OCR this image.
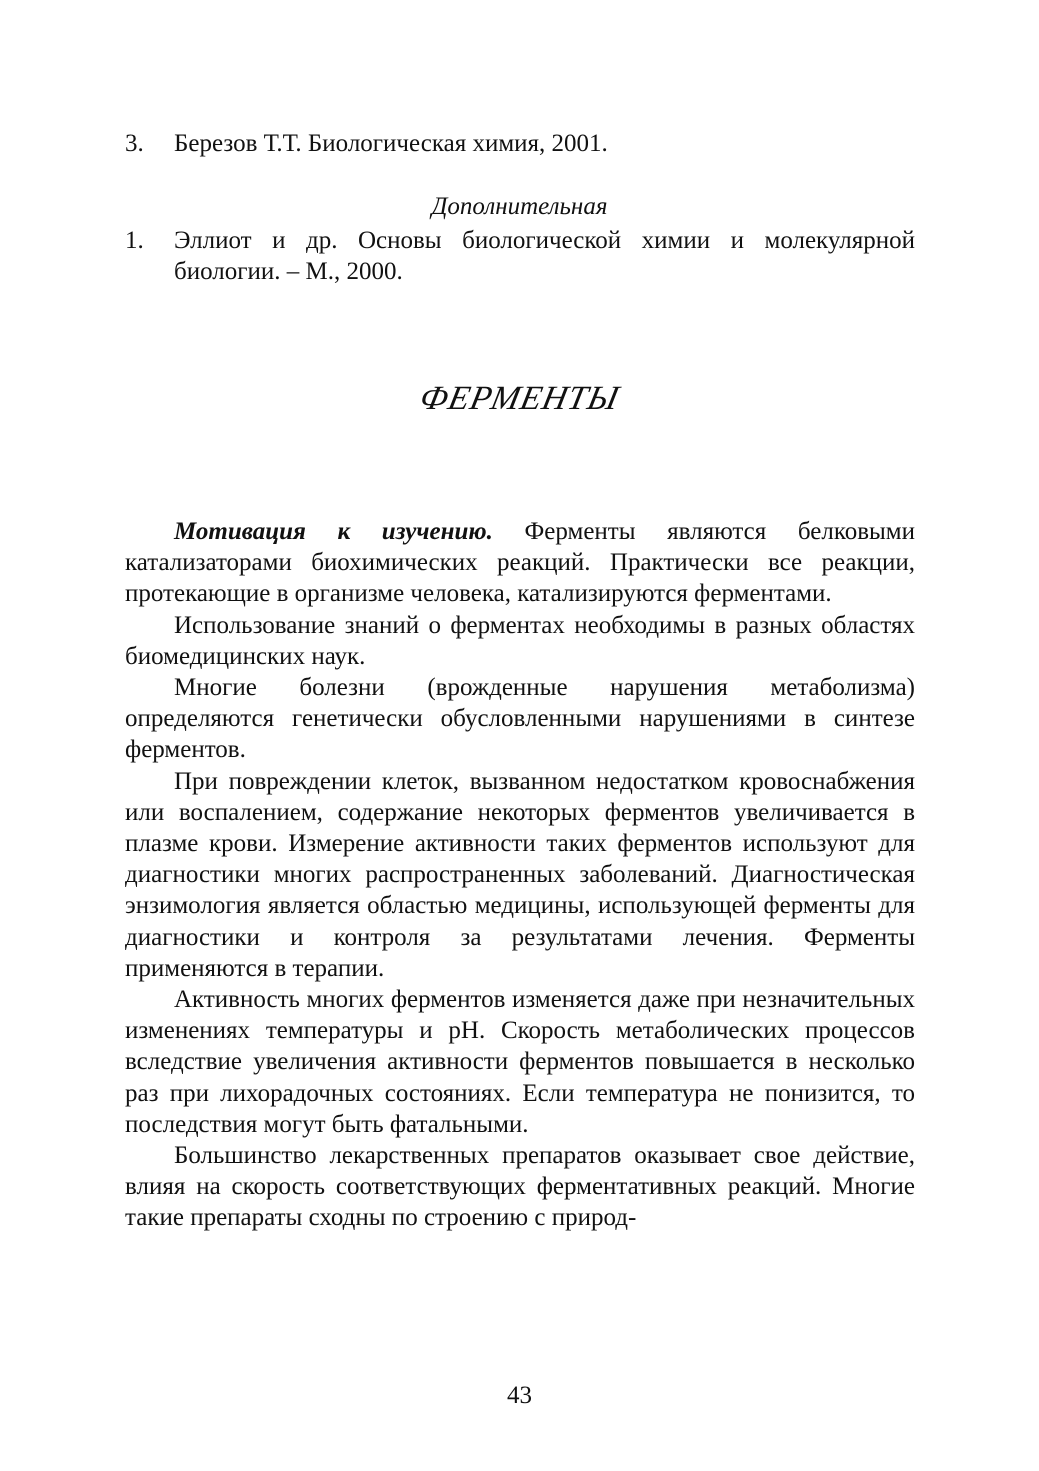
3. Березов Т.Т. Биологическая химия, 2001.
Дополнительная
1. Эллиот и др. Основы биологической химии и молекулярной биологии. – М., 2000.
ФЕРМЕНТЫ

Мотивация к изучению. Ферменты являются белковыми катализаторами биохимических реакций. Практически все реакции, протекающие в организме человека, катализируются ферментами.

Использование знаний о ферментах необходимы в разных областях биомедицинских наук.

Многие болезни (врожденные нарушения метаболизма) определяются генетически обусловленными нарушениями в синтезе ферментов.

При повреждении клеток, вызванном недостатком кровоснабжения или воспалением, содержание некоторых ферментов увеличивается в плазме крови. Измерение активности таких ферментов используют для диагностики многих распространенных заболеваний. Диагностическая энзимология является областью медицины, использующей ферменты для диагностики и контроля за результатами лечения. Ферменты применяются в терапии.

Активность многих ферментов изменяется даже при незначительных изменениях температуры и pH. Скорость метаболических процессов вследствие увеличения активности ферментов повышается в несколько раз при лихорадочных состояниях. Если температура не понизится, то последствия могут быть фатальными.

Большинство лекарственных препаратов оказывает свое действие, влияя на скорость соответствующих ферментативных реакций. Многие такие препараты сходны по строению с природ-

43
